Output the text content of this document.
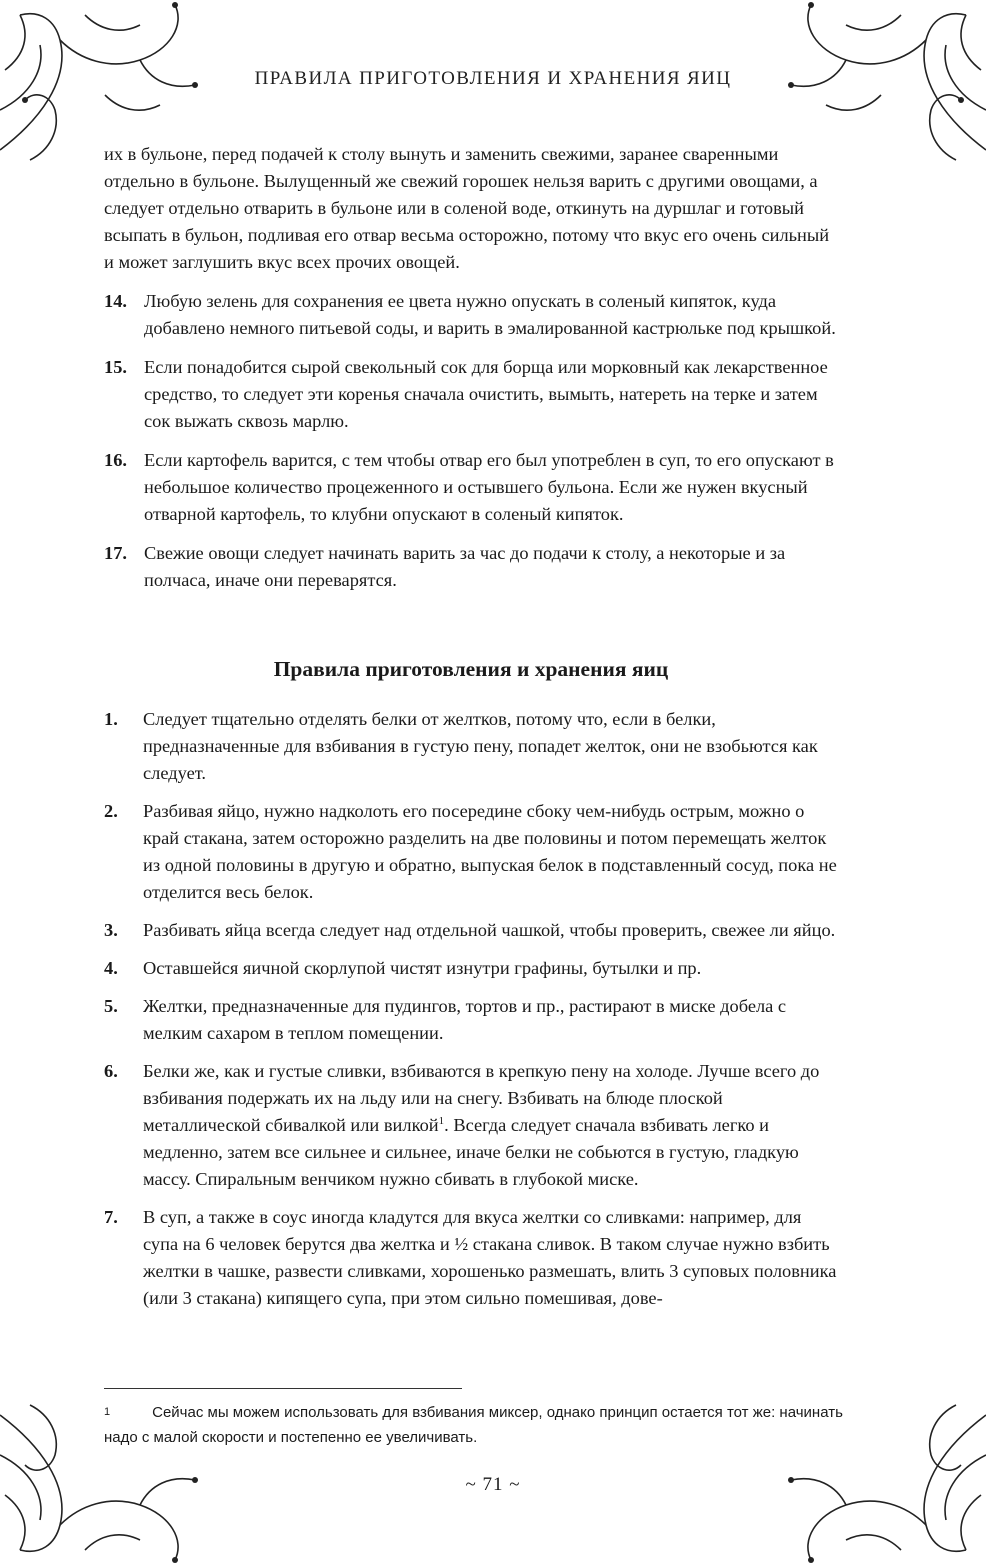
ПРАВИЛА ПРИГОТОВЛЕНИЯ И ХРАНЕНИЯ ЯИЦ

их в бульоне, перед подачей к столу вынуть и заменить свежими, заранее сваренными отдельно в бульоне. Вылущенный же свежий горошек нельзя варить с другими овощами, а следует отдельно отварить в бульоне или в соленой воде, откинуть на дуршлаг и готовый всыпать в бульон, подливая его отвар весьма осторожно, потому что вкус его очень сильный и может заглушить вкус всех прочих овощей.

14. Любую зелень для сохранения ее цвета нужно опускать в соленый кипяток, куда добавлено немного питьевой соды, и варить в эмалированной кастрюльке под крышкой.
15. Если понадобится сырой свекольный сок для борща или морковный как лекарственное средство, то следует эти коренья сначала очистить, вымыть, натереть на терке и затем сок выжать сквозь марлю.
16. Если картофель варится, с тем чтобы отвар его был употреблен в суп, то его опускают в небольшое количество процеженного и остывшего бульона. Если же нужен вкусный отварной картофель, то клубни опускают в соленый кипяток.
17. Свежие овощи следует начинать варить за час до подачи к столу, а некоторые и за полчаса, иначе они переварятся.
Правила приготовления и хранения яиц
1.	Следует тщательно отделять белки от желтков, потому что, если в белки, предназначенные для взбивания в густую пену, попадет желток, они не взобьются как следует.
2.	Разбивая яйцо, нужно надколоть его посередине сбоку чем-нибудь острым, можно о край стакана, затем осторожно разделить на две половины и потом перемещать желток из одной половины в другую и обратно, выпуская белок в подставленный сосуд, пока не отделится весь белок.
3.	Разбивать яйца всегда следует над отдельной чашкой, чтобы проверить, свежее ли яйцо.
4.	Оставшейся яичной скорлупой чистят изнутри графины, бутылки и пр.
5.	Желтки, предназначенные для пудингов, тортов и пр., растирают в миске добела с мелким сахаром в теплом помещении.
6.	Белки же, как и густые сливки, взбиваются в крепкую пену на холоде. Лучше всего до взбивания подержать их на льду или на снегу. Взбивать на блюде плоской металлической сбивалкой или вилкой$^1$. Всегда следует сначала взбивать легко и медленно, затем все сильнее и сильнее, иначе белки не собьются в густую, гладкую массу. Спиральным венчиком нужно сбивать в глубокой миске.
7.	В суп, а также в соус иногда кладутся для вкуса желтки со сливками: например, для супа на 6 человек берутся два желтка и ½ стакана сливок. В таком случае нужно взбить желтки в чашке, развести сливками, хорошенько размешать, влить 3 суповых половника (или 3 стакана) кипящего супа, при этом сильно помешивая, дове-
$^1$	Сейчас мы можем использовать для взбивания миксер, однако принцип остается тот же: начинать надо с малой скорости и постепенно ее увеличивать.
~ 71 ~
